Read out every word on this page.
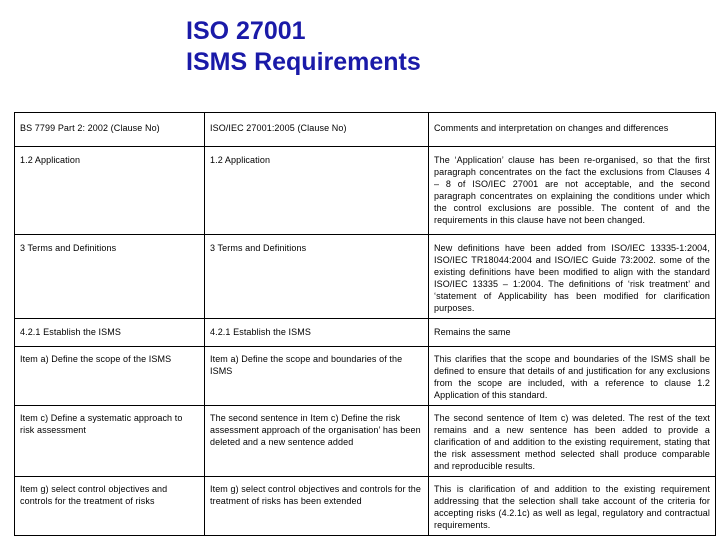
ISO 27001
ISMS Requirements
BS 7799 Part 2: 2002 (Clause No)	ISO/IEC 27001:2005 (Clause No)	Comments and interpretation on changes and differences
1.2 Application	1.2 Application	The ‘Application’ clause has been re-organised, so that the first paragraph concentrates on the fact the exclusions from Clauses 4 – 8 of ISO/IEC 27001 are not acceptable, and the second paragraph concentrates on explaining the conditions under which the control exclusions are possible. The content of and the requirements in this clause have not been changed.
3 Terms and Definitions	3 Terms and Definitions	New definitions have been added from ISO/IEC 13335-1:2004, ISO/IEC TR18044:2004 and ISO/IEC Guide 73:2002. some of the existing definitions have been modified to align with the standard ISO/IEC 13335 – 1:2004. The definitions of ‘risk treatment’ and ‘statement of Applicability has been modified for clarification purposes.
4.2.1 Establish the ISMS	4.2.1 Establish the ISMS	Remains the same
Item a) Define the scope of the ISMS	Item a) Define the scope and boundaries of the ISMS	This clarifies that the scope and boundaries of the ISMS shall be defined to ensure that details of and justification for any exclusions from the scope are included, with a reference to clause 1.2 Application of this standard.
Item c) Define a systematic approach to risk assessment	The second sentence in Item c) Define the risk assessment approach of the organisation’ has been deleted and a new sentence added	The second sentence of Item c) was deleted. The rest of the text remains and a new sentence has been added to provide a clarification of and addition to the existing requirement, stating that the risk assessment method selected shall produce comparable and reproducible results.
Item g) select control objectives and controls for the treatment of risks	Item g) select control objectives and controls for the treatment of risks has been extended	This is clarification of and addition to the existing requirement addressing that the selection shall take account of the criteria for accepting risks (4.2.1c) as well as legal, regulatory and contractual requirements.
